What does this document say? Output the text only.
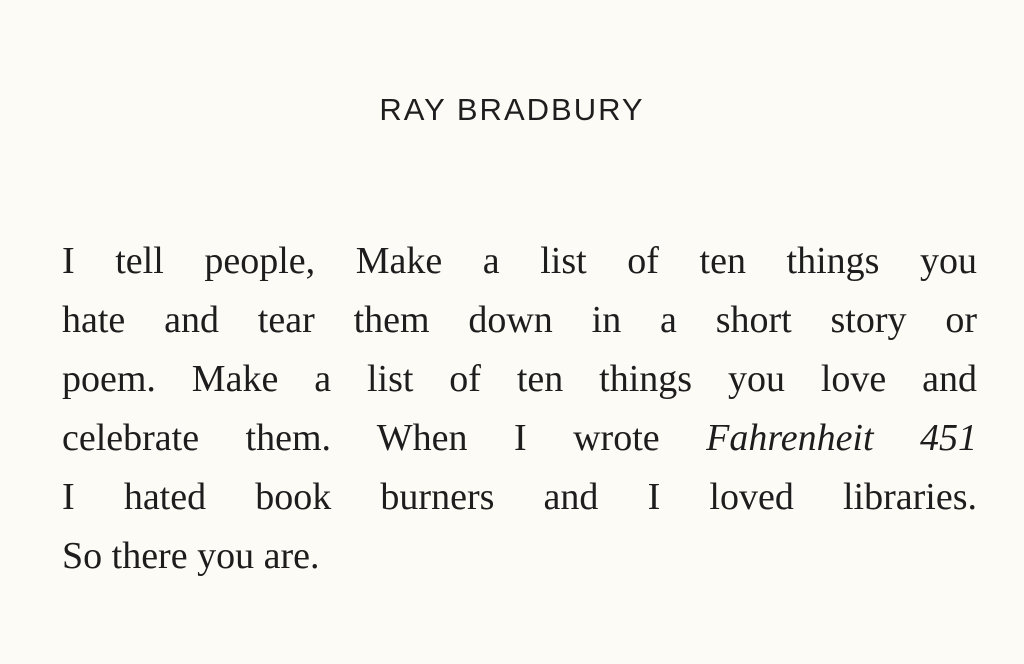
RAY BRADBURY
I tell people, Make a list of ten things you
hate and tear them down in a short story or
poem. Make a list of ten things you love and
celebrate them. When I wrote Fahrenheit 451
I hated book burners and I loved libraries.
So there you are.
